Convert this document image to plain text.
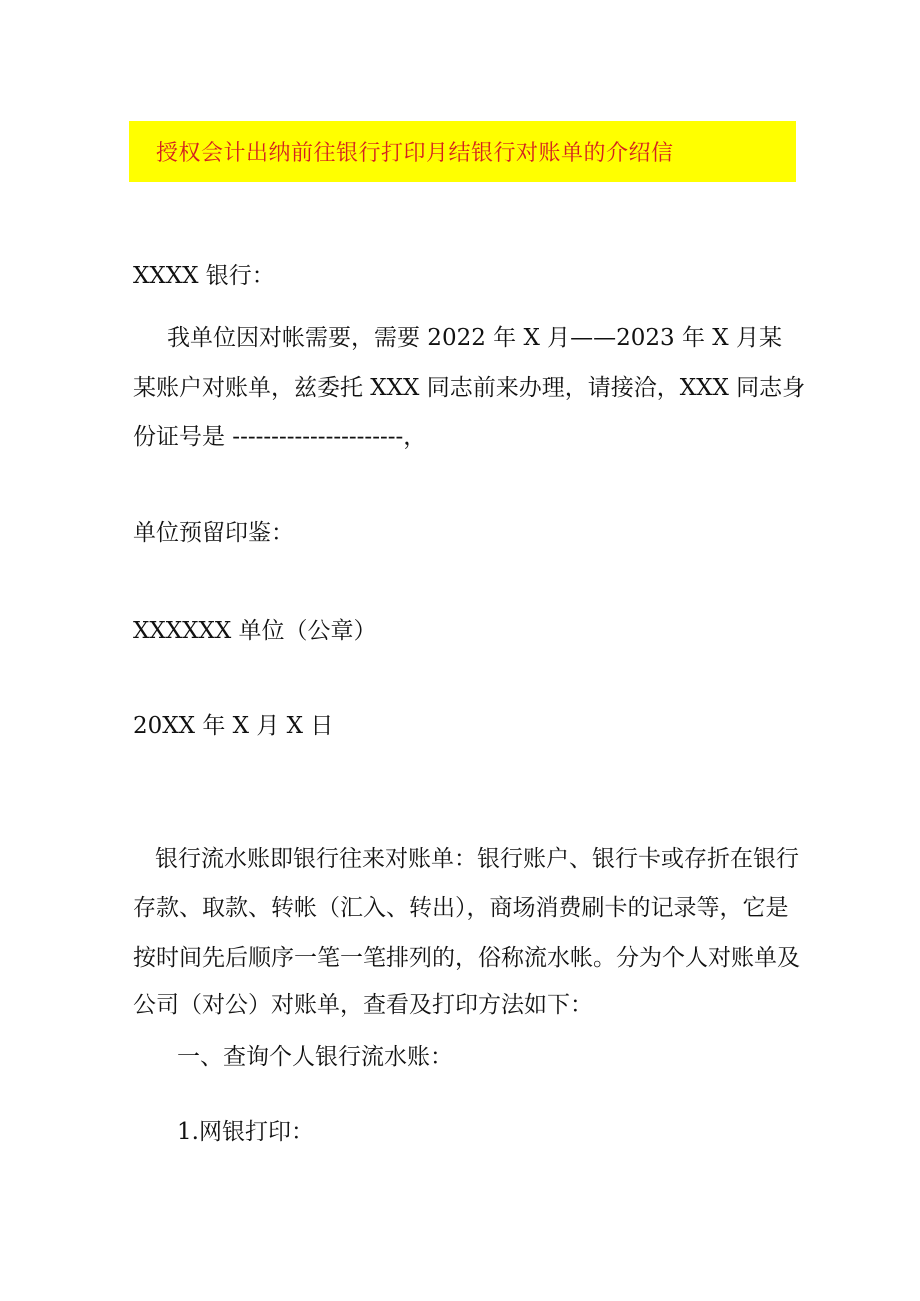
授权会计出纳前往银行打印月结银行对账单的介绍信
XXXX 银行：
我单位因对帐需要，需要 2022 年 X 月——2023 年 X 月某
某账户对账单，兹委托 XXX 同志前来办理，请接洽，XXX 同志身
份证号是 ----------------------，
单位预留印鉴：
XXXXXX 单位（公章）
20XX 年 X 月 X 日
银行流水账即银行往来对账单：银行账户、银行卡或存折在银行
存款、取款、转帐（汇入、转出），商场消费刷卡的记录等，它是
按时间先后顺序一笔一笔排列的，俗称流水帐。分为个人对账单及
公司（对公）对账单，查看及打印方法如下：
一、查询个人银行流水账：
1.网银打印：
